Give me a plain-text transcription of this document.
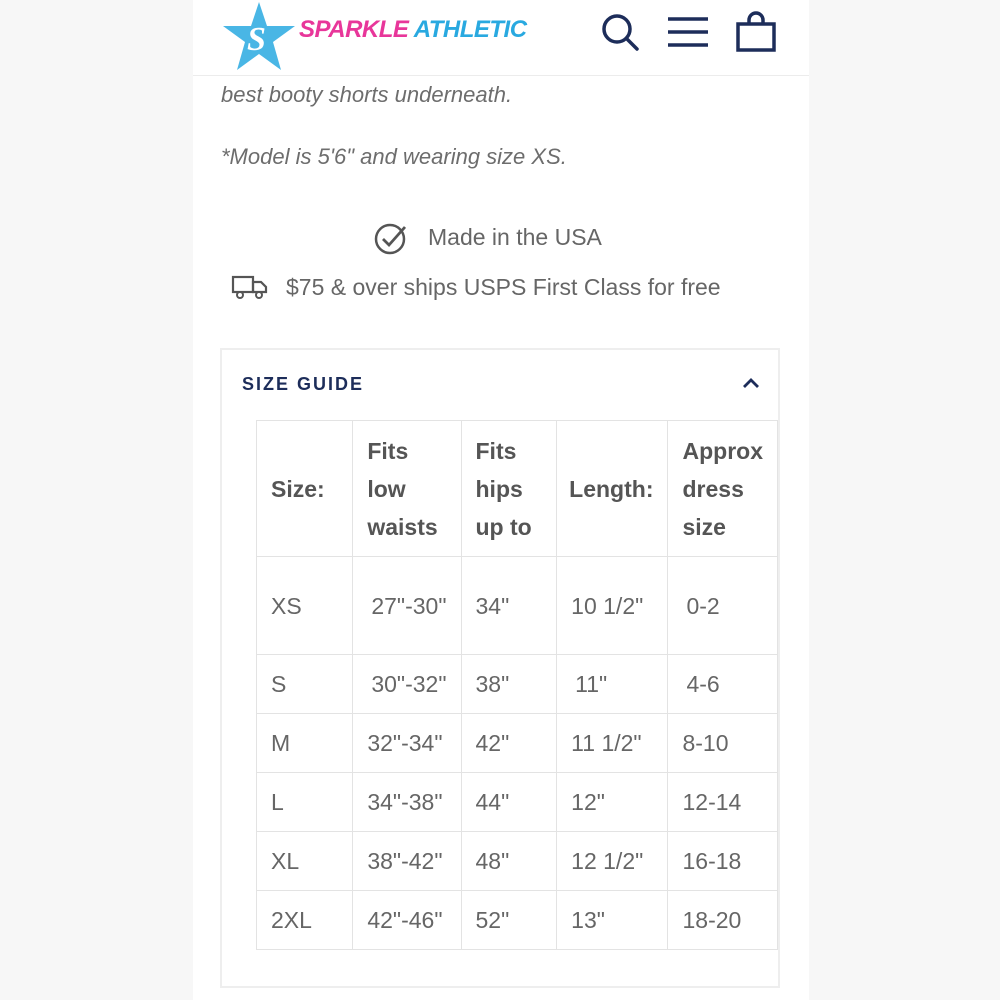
S SPARKLE ATHLETIC
best booty shorts underneath.
*Model is 5'6" and wearing size XS.
Made in the USA
$75 & over ships USPS First Class for free
SIZE GUIDE
Size:	Fits low waists	Fits hips up to	Length:	Approx dress size
XS	27"-30"	34"	10 1/2"	0-2
S	30"-32"	38"	11"	4-6
M	32"-34"	42"	11 1/2"	8-10
L	34"-38"	44"	12"	12-14
XL	38"-42"	48"	12 1/2"	16-18
2XL	42"-46"	52"	13"	18-20
